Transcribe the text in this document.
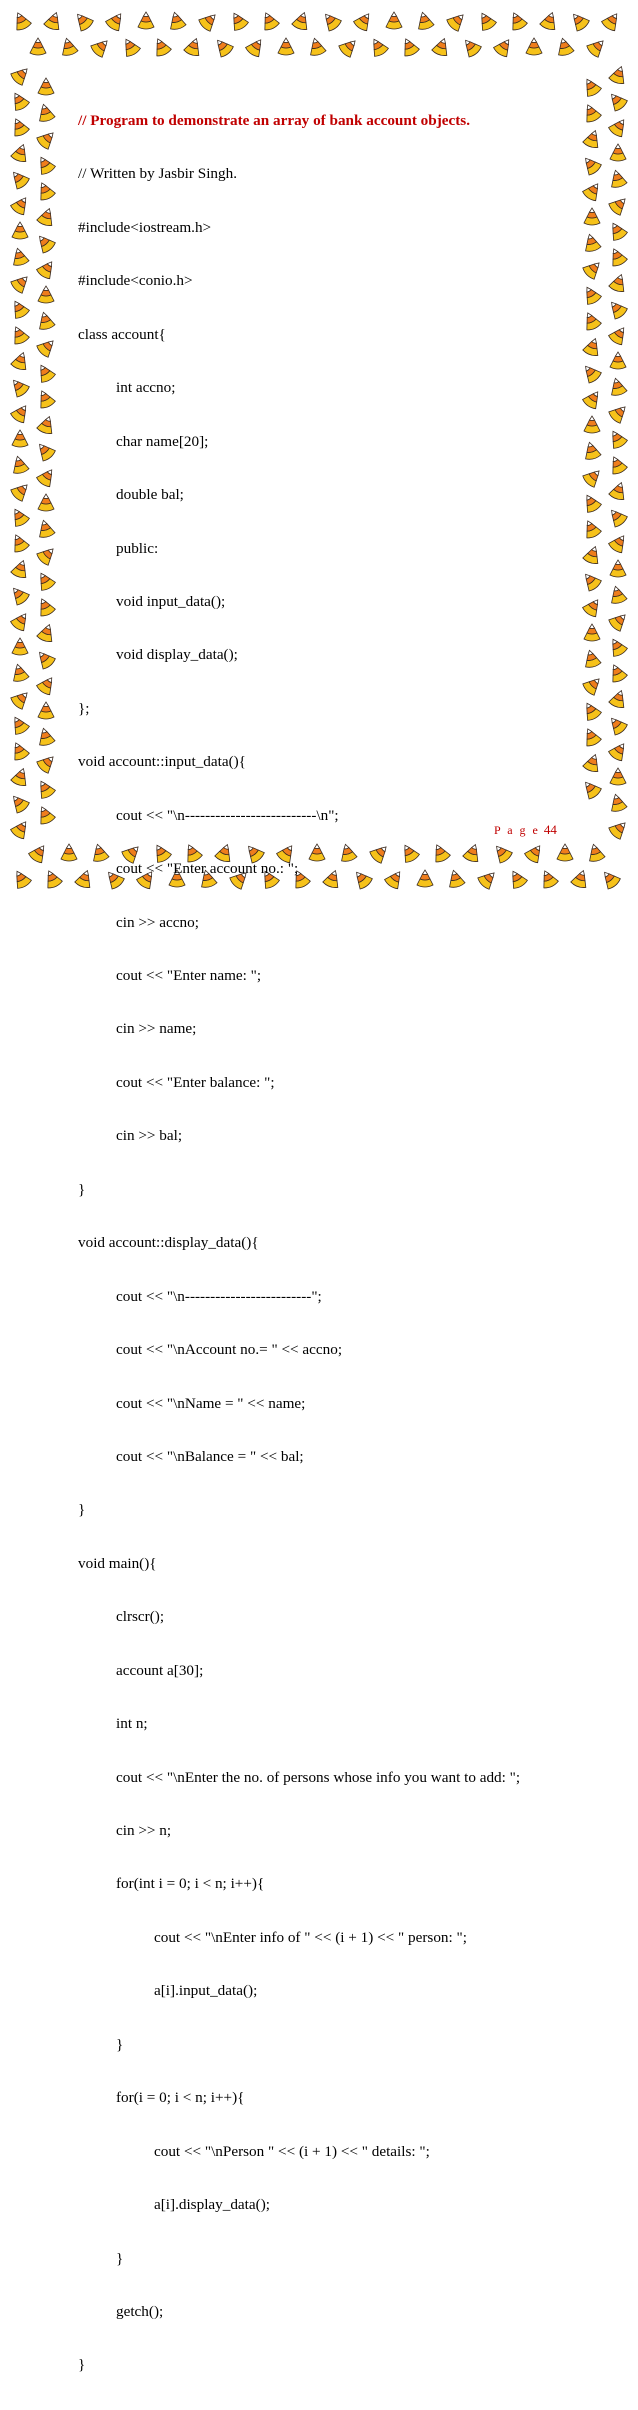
// Program to demonstrate an array of bank account objects.

// Written by Jasbir Singh.

#include<iostream.h>

#include<conio.h>

class account{

int accno;

char name[20];

double bal;

public:

void input_data();

void display_data();

};

void account::input_data(){

cout << "\n--------------------------\n";

cout << "Enter account no.: ";

cin >> accno;

cout << "Enter name: ";

cin >> name;

cout << "Enter balance: ";

cin >> bal;

}

void account::display_data(){

cout << "\n-------------------------";

cout << "\nAccount no.= " << accno;

cout << "\nName = " << name;

cout << "\nBalance = " << bal;

}

void main(){

clrscr();

account a[30];

int n;

cout << "\nEnter the no. of persons whose info you want to add: ";

cin >> n;

for(int i = 0; i < n; i++){

cout << "\nEnter info of " << (i + 1) << " person: ";

a[i].input_data();

}

for(i = 0; i < n; i++){

cout << "\nPerson " << (i + 1) << " details: ";

a[i].display_data();

}

getch();

}

P a g e 44
